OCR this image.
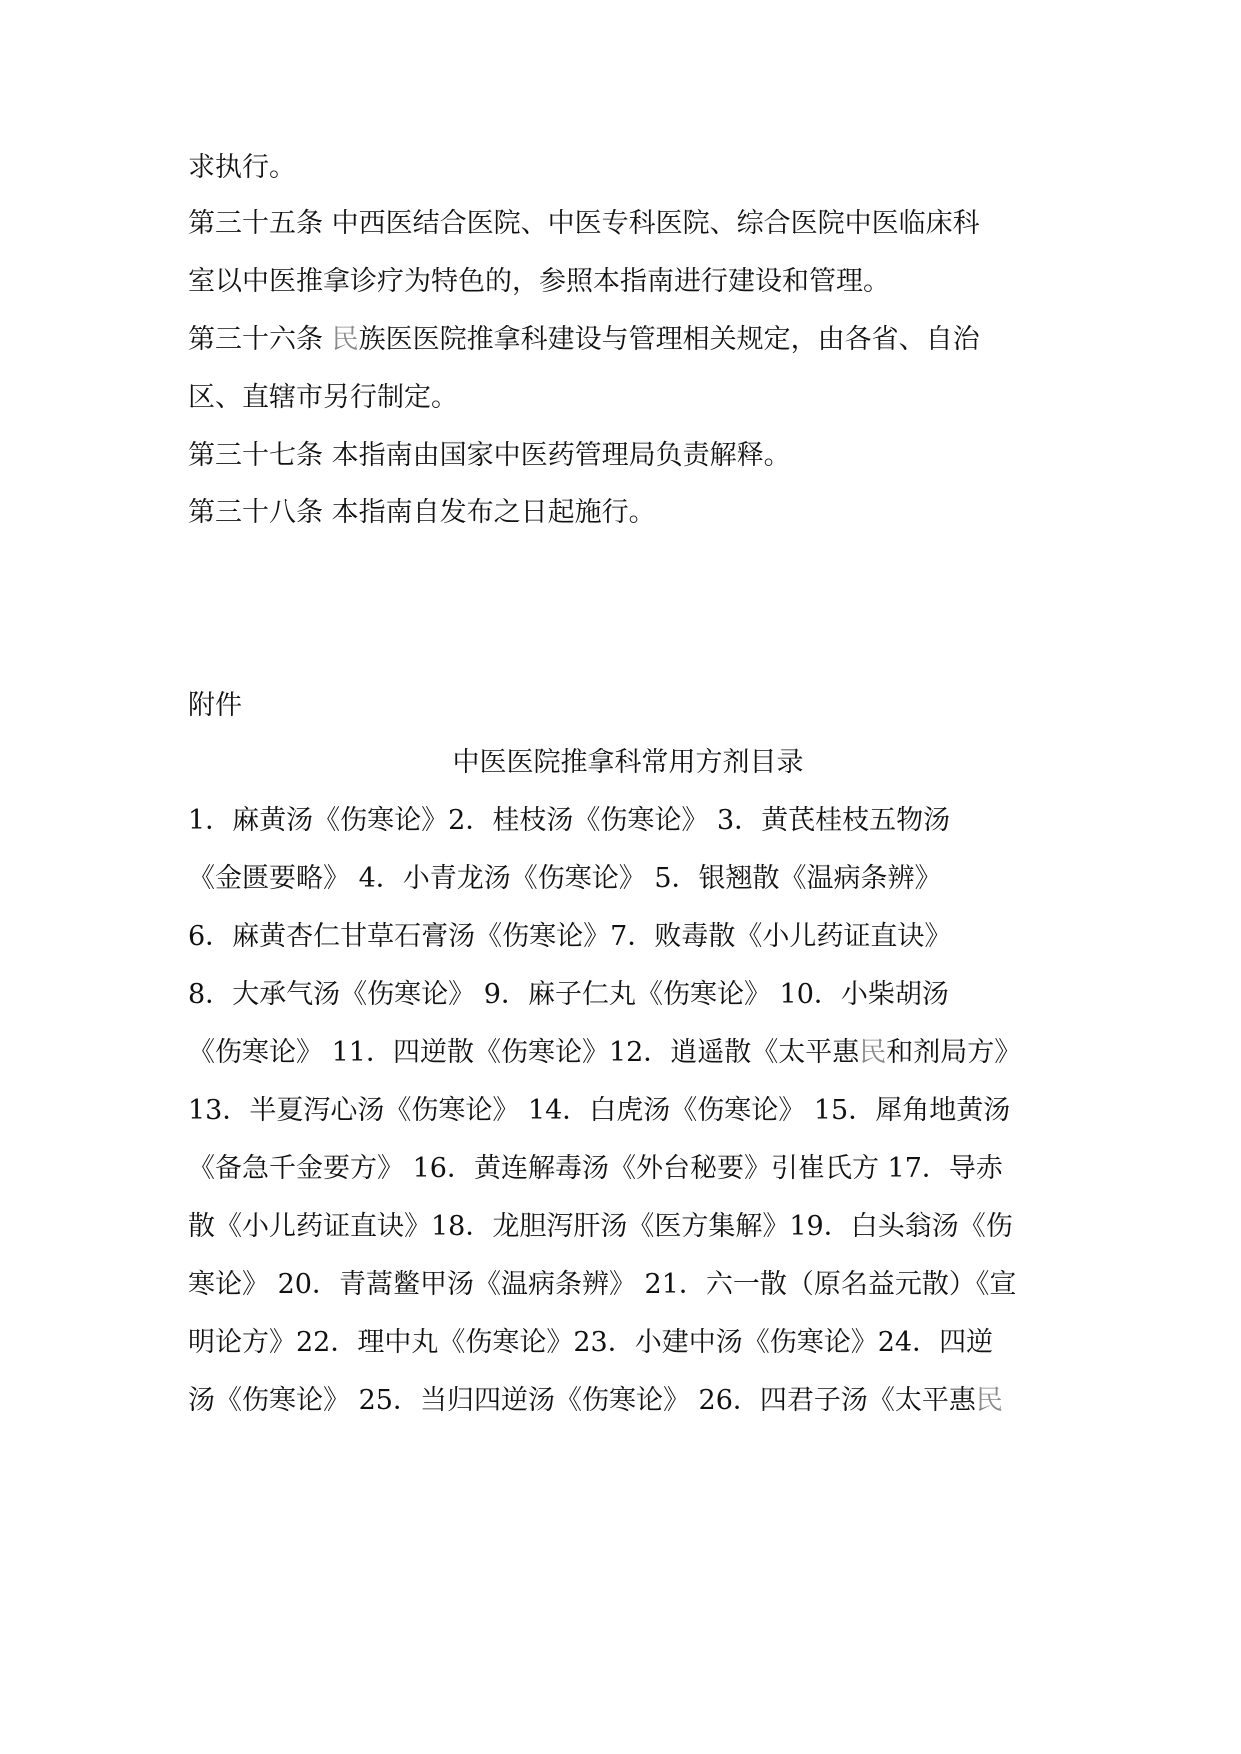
求执行。
第三十五条 中西医结合医院、中医专科医院、综合医院中医临床科
室以中医推拿诊疗为特色的，参照本指南进行建设和管理。
第三十六条 民族医医院推拿科建设与管理相关规定，由各省、自治
区、直辖市另行制定。
第三十七条 本指南由国家中医药管理局负责解释。
第三十八条 本指南自发布之日起施行。
附件
中医医院推拿科常用方剂目录
1．麻黄汤《伤寒论》2．桂枝汤《伤寒论》 3．黄芪桂枝五物汤
《金匮要略》 4．小青龙汤《伤寒论》 5．银翘散《温病条辨》
6．麻黄杏仁甘草石膏汤《伤寒论》7．败毒散《小儿药证直诀》
8．大承气汤《伤寒论》 9．麻子仁丸《伤寒论》 10．小柴胡汤
《伤寒论》 11．四逆散《伤寒论》12．逍遥散《太平惠民和剂局方》
13．半夏泻心汤《伤寒论》 14．白虎汤《伤寒论》 15．犀角地黄汤
《备急千金要方》 16．黄连解毒汤《外台秘要》引崔氏方 17．导赤
散《小儿药证直诀》18．龙胆泻肝汤《医方集解》19．白头翁汤《伤
寒论》 20．青蒿鳖甲汤《温病条辨》 21．六一散（原名益元散）《宣
明论方》22．理中丸《伤寒论》23．小建中汤《伤寒论》24．四逆
汤《伤寒论》 25．当归四逆汤《伤寒论》 26．四君子汤《太平惠民
